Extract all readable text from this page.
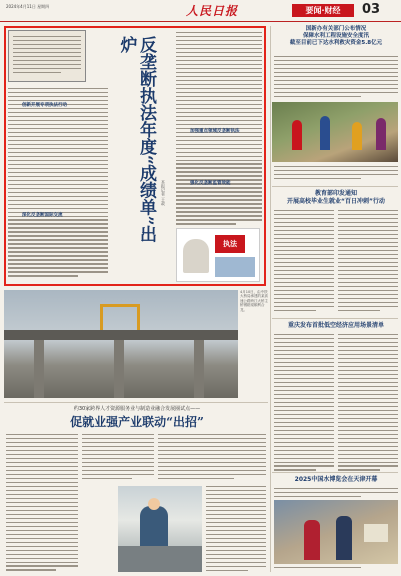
2024年4月11日 星期四	人民日报	要闻·财经	03
创新开展专项执法行动
深化反垄断国际交流	反垄断执法年度“成绩单”出炉
本报记者 王政
加强重点领域反垄断执法
强化反垄断监管效能
执法
国新办有关部门公布情况
保障水利工程设施安全度汛
截至目前已下达水利救灾资金5.8亿元
教育部印发通知
开展高校毕业生就业“百日冲刺”行动
重庆发布首批低空经济应用场景清单
2025中国水博览会在天津开幕
4月10日，由中铁大桥局承建的某高速公路跨江大桥主桥钢箱梁顺利合龙。
约30家跨界人才资源服务业与制造业融合发展圈试点——
促就业强产业联动“出招”
